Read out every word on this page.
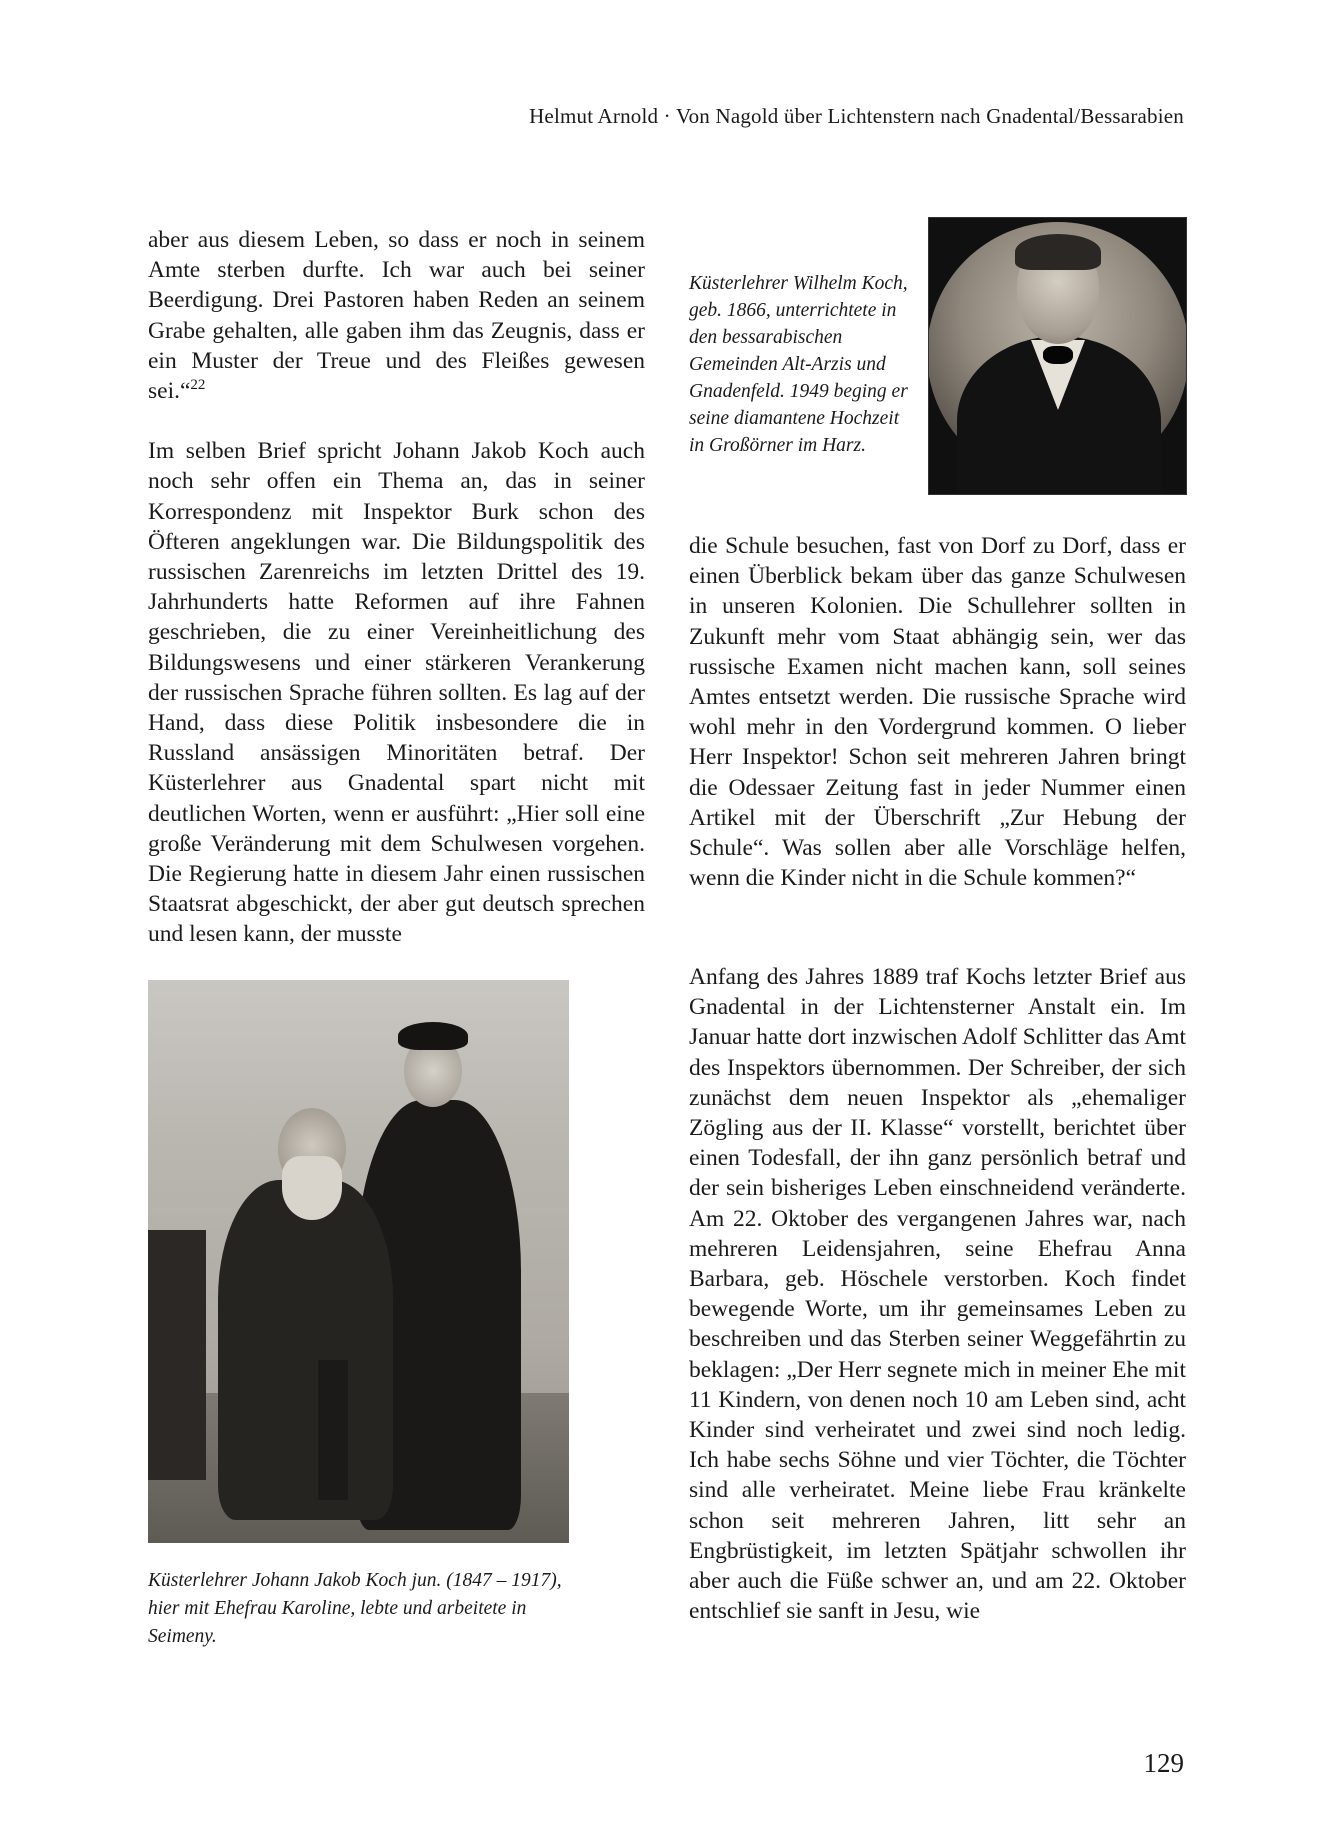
Helmut Arnold · Von Nagold über Lichtenstern nach Gnadental/Bessarabien

aber aus diesem Leben, so dass er noch in seinem Amte sterben durfte. Ich war auch bei seiner Beerdigung. Drei Pastoren haben Reden an seinem Grabe gehalten, alle gaben ihm das Zeugnis, dass er ein Muster der Treue und des Fleißes gewesen sei.“$^{22}$

Im selben Brief spricht Johann Jakob Koch auch noch sehr offen ein Thema an, das in seiner Korrespondenz mit Inspektor Burk schon des Öfteren angeklungen war. Die Bildungspolitik des russischen Zarenreichs im letzten Drittel des 19. Jahrhunderts hatte Reformen auf ihre Fahnen geschrieben, die zu einer Vereinheitlichung des Bildungswesens und einer stärkeren Verankerung der russischen Sprache führen sollten. Es lag auf der Hand, dass diese Politik insbesondere die in Russland ansässigen Minoritäten betraf. Der Küsterlehrer aus Gnadental spart nicht mit deutlichen Worten, wenn er ausführt: „Hier soll eine große Veränderung mit dem Schulwesen vorgehen. Die Regierung hatte in diesem Jahr einen russischen Staatsrat abgeschickt, der aber gut deutsch sprechen und lesen kann, der musste

Küsterlehrer Wilhelm Koch, geb. 1866, unterrichtete in den bessarabischen Gemeinden Alt-Arzis und Gnadenfeld. 1949 beging er seine diamantene Hochzeit in Großörner im Harz.

die Schule besuchen, fast von Dorf zu Dorf, dass er einen Überblick bekam über das ganze Schulwesen in unseren Kolonien. Die Schullehrer sollten in Zukunft mehr vom Staat abhängig sein, wer das russische Examen nicht machen kann, soll seines Amtes entsetzt werden. Die russische Sprache wird wohl mehr in den Vordergrund kommen. O lieber Herr Inspektor! Schon seit mehreren Jahren bringt die Odessaer Zeitung fast in jeder Nummer einen Artikel mit der Überschrift „Zur Hebung der Schule“. Was sollen aber alle Vorschläge helfen, wenn die Kinder nicht in die Schule kommen?“

Anfang des Jahres 1889 traf Kochs letzter Brief aus Gnadental in der Lichtensterner Anstalt ein. Im Januar hatte dort inzwischen Adolf Schlitter das Amt des Inspektors übernommen. Der Schreiber, der sich zunächst dem neuen Inspektor als „ehemaliger Zögling aus der II. Klasse“ vorstellt, berichtet über einen Todesfall, der ihn ganz persönlich betraf und der sein bisheriges Leben einschneidend veränderte. Am 22. Oktober des vergangenen Jahres war, nach mehreren Leidensjahren, seine Ehefrau Anna Barbara, geb. Höschele verstorben. Koch findet bewegende Worte, um ihr gemeinsames Leben zu beschreiben und das Sterben seiner Weggefährtin zu beklagen: „Der Herr segnete mich in meiner Ehe mit 11 Kindern, von denen noch 10 am Leben sind, acht Kinder sind verheiratet und zwei sind noch ledig. Ich habe sechs Söhne und vier Töchter, die Töchter sind alle verheiratet. Meine liebe Frau kränkelte schon seit mehreren Jahren, litt sehr an Engbrüstigkeit, im letzten Spätjahr schwollen ihr aber auch die Füße schwer an, und am 22. Oktober entschlief sie sanft in Jesu, wie

Küsterlehrer Johann Jakob Koch jun. (1847 – 1917), hier mit Ehefrau Karoline, lebte und arbeitete in Seimeny.
129
